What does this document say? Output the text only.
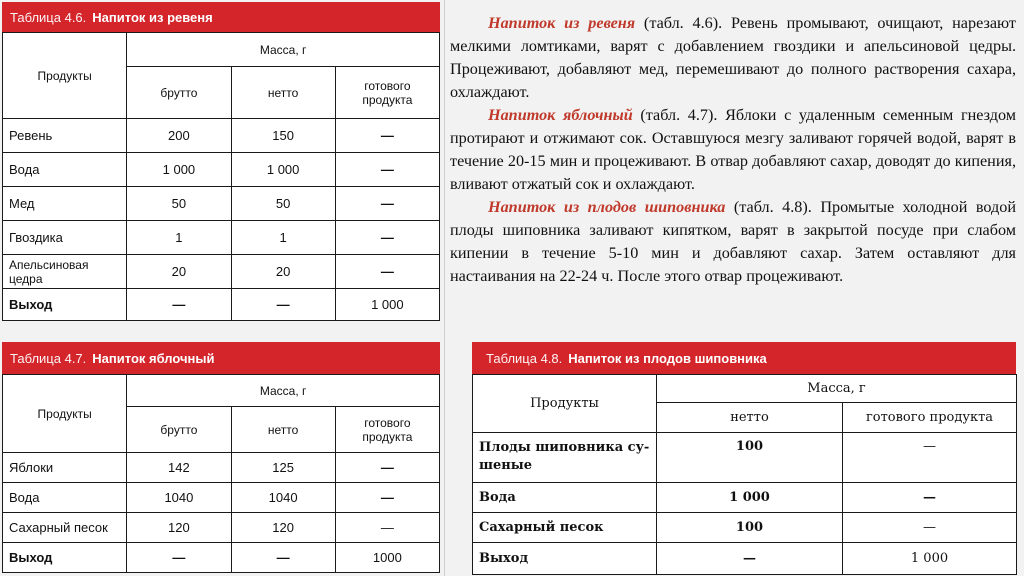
Таблица 4.6. Напиток из ревеня
Продукты	Масса, г		
	брутто	нетто	готового
продукта
Ревень	200	150	—
Вода	1 000	1 000	—
Мед	50	50	—
Гвоздика	1	1	—
Апельсиновая цедра	20	20	—
Выход	—	—	1 000
Таблица 4.7. Напиток яблочный
Продукты	Масса, г		
	брутто	нетто	готового
продукта
Яблоки	142	125	—
Вода	1040	1040	—
Сахарный песок	120	120	—
Выход	—	—	1000
Таблица 4.8. Напиток из плодов шиповника
Продукты	Масса, г	
	нетто	готового продукта
Плоды шиповника су-
шеные	100	—
Вода	1 000	—
Сахарный песок	100	—
Выход	—	1 000

Напиток из ревеня (табл. 4.6). Ревень промывают, очищают, нарезают мелкими ломтиками, варят с добавлением гвоздики и апельсиновой цедры. Процеживают, добавляют мед, перемешивают до полного растворения сахара, охлаждают.

Напиток яблочный (табл. 4.7). Яблоки с удаленным семенным гнездом протирают и отжимают сок. Оставшуюся мезгу заливают горячей водой, варят в течение 20-15 мин и процеживают. В отвар добавляют сахар, доводят до кипения, вливают отжатый сок и охлаждают.

Напиток из плодов шиповника (табл. 4.8). Промытые холодной водой плоды шиповника заливают кипятком, варят в закрытой посуде при слабом кипении в течение 5-10 мин и добавляют сахар. Затем оставляют для настаивания на 22-24 ч. После этого отвар процеживают.
